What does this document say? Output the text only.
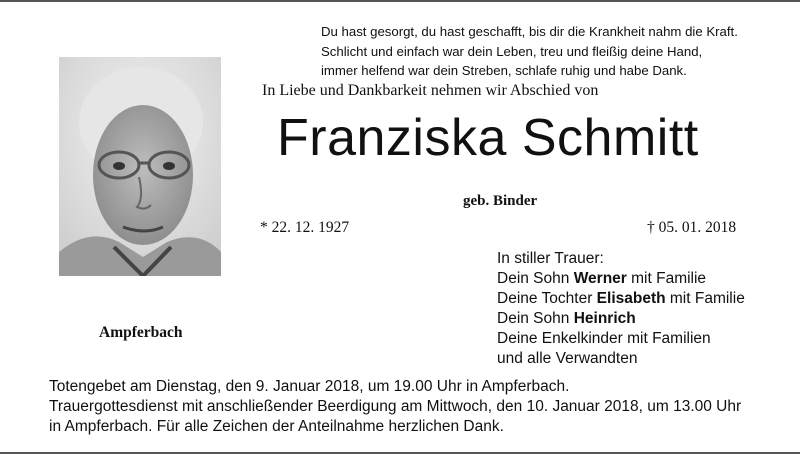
Du hast gesorgt, du hast geschafft, bis dir die Krankheit nahm die Kraft.
Schlicht und einfach war dein Leben, treu und fleißig deine Hand,
immer helfend war dein Streben, schlafe ruhig und habe Dank.
In Liebe und Dankbarkeit nehmen wir Abschied von
Franziska Schmitt
geb. Binder
* 22. 12. 1927	† 05. 01. 2018
Ampferbach
In stiller Trauer:
Dein Sohn Werner mit Familie
Deine Tochter Elisabeth mit Familie
Dein Sohn Heinrich
Deine Enkelkinder mit Familien
und alle Verwandten
Totengebet am Dienstag, den 9. Januar 2018, um 19.00 Uhr in Ampferbach.
Trauergottesdienst mit anschließender Beerdigung am Mittwoch, den 10. Januar 2018, um 13.00 Uhr
in Ampferbach. Für alle Zeichen der Anteilnahme herzlichen Dank.
